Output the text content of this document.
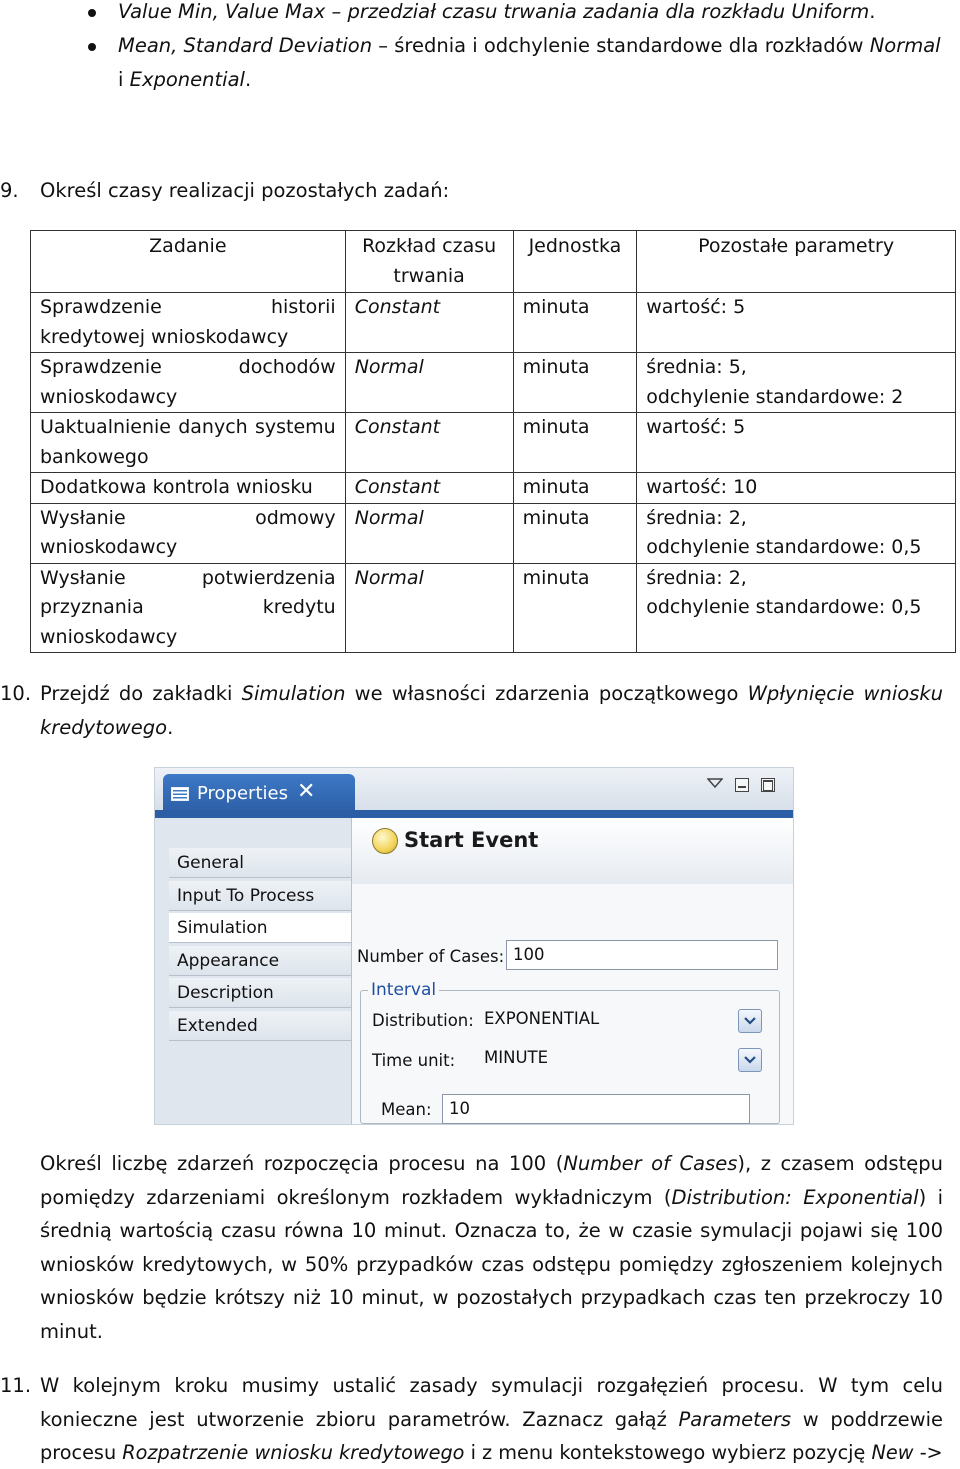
Value Min, Value Max – przedział czasu trwania zadania dla rozkładu Uniform.
Mean, Standard Deviation – średnia i odchylenie standardowe dla rozkładów Normal
i Exponential.
9. Określ czasy realizacji pozostałych zadań:
Zadanie	Rozkład czasu trwania	Jednostka	Pozostałe parametry
Sprawdzenie historii kredytowej wnioskodawcy	Constant	minuta	wartość: 5

Sprawdzenie dochodów wnioskodawcy	Normal	minuta	średnia: 5,
odchylenie standardowe: 2

Uaktualnienie danych systemu bankowego	Constant	minuta	wartość: 5

Dodatkowa kontrola wniosku	Constant	minuta	wartość: 10

Wysłanie odmowy wnioskodawcy	Normal	minuta	średnia: 2,
odchylenie standardowe: 0,5

Wysłanie potwierdzenia przyznania kredytu wnioskodawcy	Normal	minuta	średnia: 2,
odchylenie standardowe: 0,5
10. Przejdź do zakładki Simulation we własności zdarzenia początkowego Wpłynięcie wniosku
kredytowego.
Properties ✕
General
Input To Process
Simulation
Appearance
Description
Extended
Start Event
Number of Cases: 100
Interval
Distribution: EXPONENTIAL
Time unit: MINUTE
Mean:	10
Określ liczbę zdarzeń rozpoczęcia procesu na 100 (Number of Cases), z czasem odstępu
pomiędzy zdarzeniami określonym rozkładem wykładniczym (Distribution: Exponential) i
średnią wartością czasu równa 10 minut. Oznacza to, że w czasie symulacji pojawi się 100
wniosków kredytowych, w 50% przypadków czas odstępu pomiędzy zgłoszeniem kolejnych
wniosków będzie krótszy niż 10 minut, w pozostałych przypadkach czas ten przekroczy 10
minut.
11. W kolejnym kroku musimy ustalić zasady symulacji rozgałęzień procesu. W tym celu
konieczne jest utworzenie zbioru parametrów. Zaznacz gałąź Parameters w poddrzewie
procesu Rozpatrzenie wniosku kredytowego i z menu kontekstowego wybierz pozycję New ->
